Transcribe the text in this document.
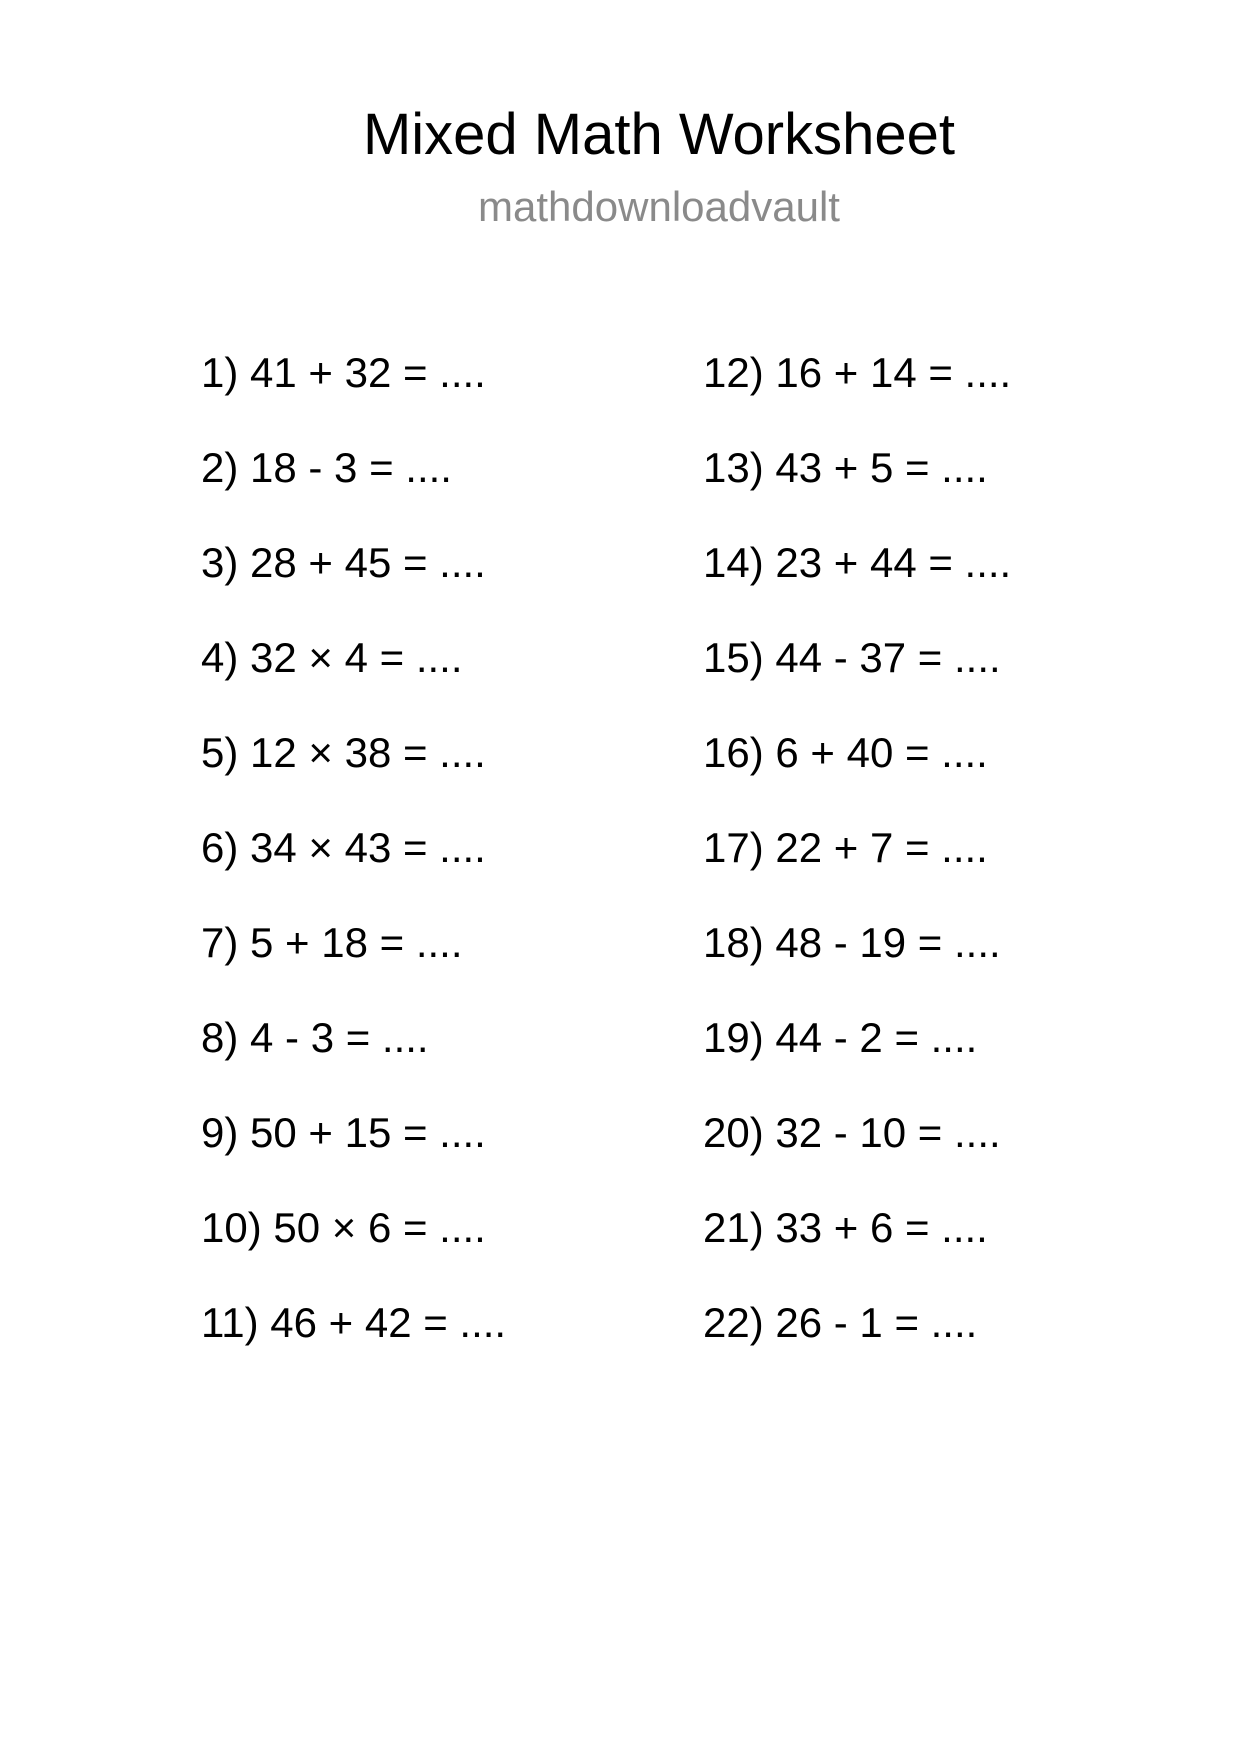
Mixed Math Worksheet
mathdownloadvault
1) 41 + 32 = ....
2) 18 - 3 = ....
3) 28 + 45 = ....
4) 32 × 4 = ....
5) 12 × 38 = ....
6) 34 × 43 = ....
7) 5 + 18 = ....
8) 4 - 3 = ....
9) 50 + 15 = ....
10) 50 × 6 = ....
11) 46 + 42 = ....
12) 16 + 14 = ....
13) 43 + 5 = ....
14) 23 + 44 = ....
15) 44 - 37 = ....
16) 6 + 40 = ....
17) 22 + 7 = ....
18) 48 - 19 = ....
19) 44 - 2 = ....
20) 32 - 10 = ....
21) 33 + 6 = ....
22) 26 - 1 = ....
